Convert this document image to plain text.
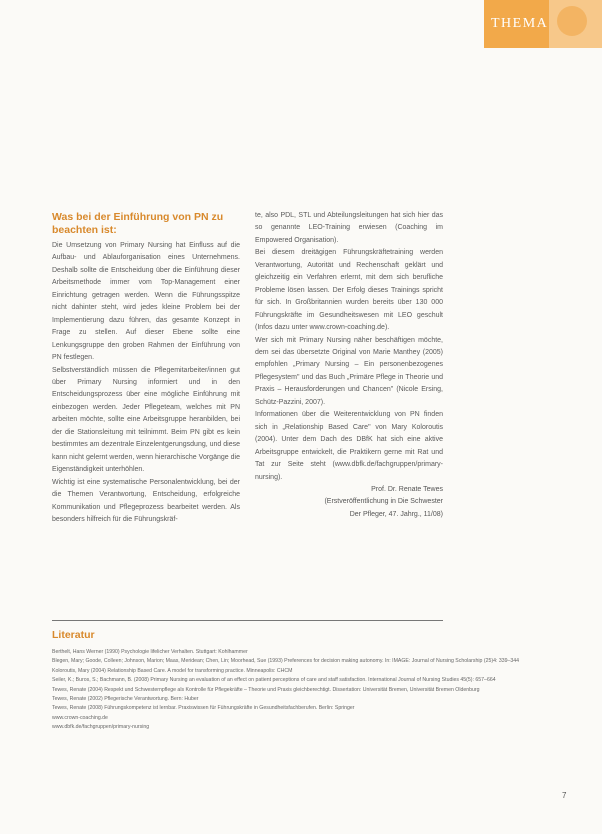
THEMA
Was bei der Einführung von PN zu beachten ist:

Die Umsetzung von Primary Nursing hat Einfluss auf die Aufbau- und Ablauforganisation eines Unternehmens. Deshalb sollte die Entscheidung über die Einführung dieser Arbeitsmethode immer vom Top-Management einer Einrichtung getragen werden. Wenn die Führungsspitze nicht dahinter steht, wird jedes kleine Problem bei der Implementierung dazu führen, das gesamte Konzept in Frage zu stellen. Auf dieser Ebene sollte eine Lenkungsgruppe den groben Rahmen der Einführung von PN festlegen.

Selbstverständlich müssen die Pflegemitarbeiter/innen gut über Primary Nursing informiert und in den Entscheidungsprozess über eine mögliche Einführung mit einbezogen werden. Jeder Pflegeteam, welches mit PN arbeiten möchte, sollte eine Arbeitsgruppe heranbilden, bei der die Stationsleitung mit teilnimmt. Beim PN gibt es kein bestimmtes am dezentrale Einzelentgerungsdung, und diese kann nicht gelernt werden, wenn hierarchische Vorgänge die Eigenständigkeit unterhöhlen.

Wichtig ist eine systematische Personalentwicklung, bei der die Themen Verantwortung, Entscheidung, erfolgreiche Kommunikation und Pflegeprozess bearbeitet werden. Als besonders hilfreich für die Führungskräf-

te, also PDL, STL und Abteilungsleitungen hat sich hier das so genannte LEO-Training erwiesen (Coaching im Empowered Organisation).

Bei diesem dreitägigen Führungskräftetraining werden Verantwortung, Autorität und Rechenschaft geklärt und gleichzeitig ein Verfahren erlernt, mit dem sich berufliche Probleme lösen lassen. Der Erfolg dieses Trainings spricht für sich. In Großbritannien wurden bereits über 130 000 Führungskräfte im Gesundheitswesen mit LEO geschult (Infos dazu unter www.crown-coaching.de).

Wer sich mit Primary Nursing näher beschäftigen möchte, dem sei das übersetzte Original von Marie Manthey (2005) empfohlen „Primary Nursing – Ein personenbezogenes Pflegesystem" und das Buch „Primäre Pflege in Theorie und Praxis – Herausforderungen und Chancen" (Nicole Ersing, Schütz-Pazzini, 2007).

Informationen über die Weiterentwicklung von PN finden sich in „Relationship Based Care" von Mary Koloroutis (2004). Unter dem Dach des DBfK hat sich eine aktive Arbeitsgruppe entwickelt, die Praktikern gerne mit Rat und Tat zur Seite steht (www.dbfk.de/fachgruppen/primary-nursing).

Prof. Dr. Renate Tewes

(Erstveröffentlichung in Die Schwester

Der Pfleger, 47. Jahrg., 11/08)

Literatur
Berthelt, Hans Werner (1990) Psychologie lifelicher Verhalten. Stuttgart: Kohlhammer
Blegen, Mary; Goode, Colleen; Johnson, Marion; Maas, Meridean; Chen, Lin; Moorhead, Sue (1993) Preferences for decision making autonomy. In: IMAGE: Journal of Nursing Scholarship (25)4: 339–344
Koloroutis, Mary (2004) Relationship Based Care. A model for transforming practice. Minneapolis: CHCM
Seiler, K.; Buros, S.; Bachmann, B. (2008) Primary Nursing an evaluation of an effect on patient perceptions of care and staff satisfaction. International Journal of Nursing Studies 45(5): 657–664
Tewes, Renate (2004) Respekt und Schwesternpflege als Kontrolle für Pflegekräfte – Theorie und Praxis gleichberechtigt. Dissertation: Universität Bremen, Universität Bremen Oldenburg
Tewes, Renate (2002) Pflegerische Verantwortung. Bern: Huber
Tewes, Renate (2008) Führungskompetenz ist lernbar. Praxiswissen für Führungskräfte in Gesundheitsfachberufen. Berlin: Springer
www.crown-coaching.de
www.dbfk.de/fachgruppen/primary-nursing
7
